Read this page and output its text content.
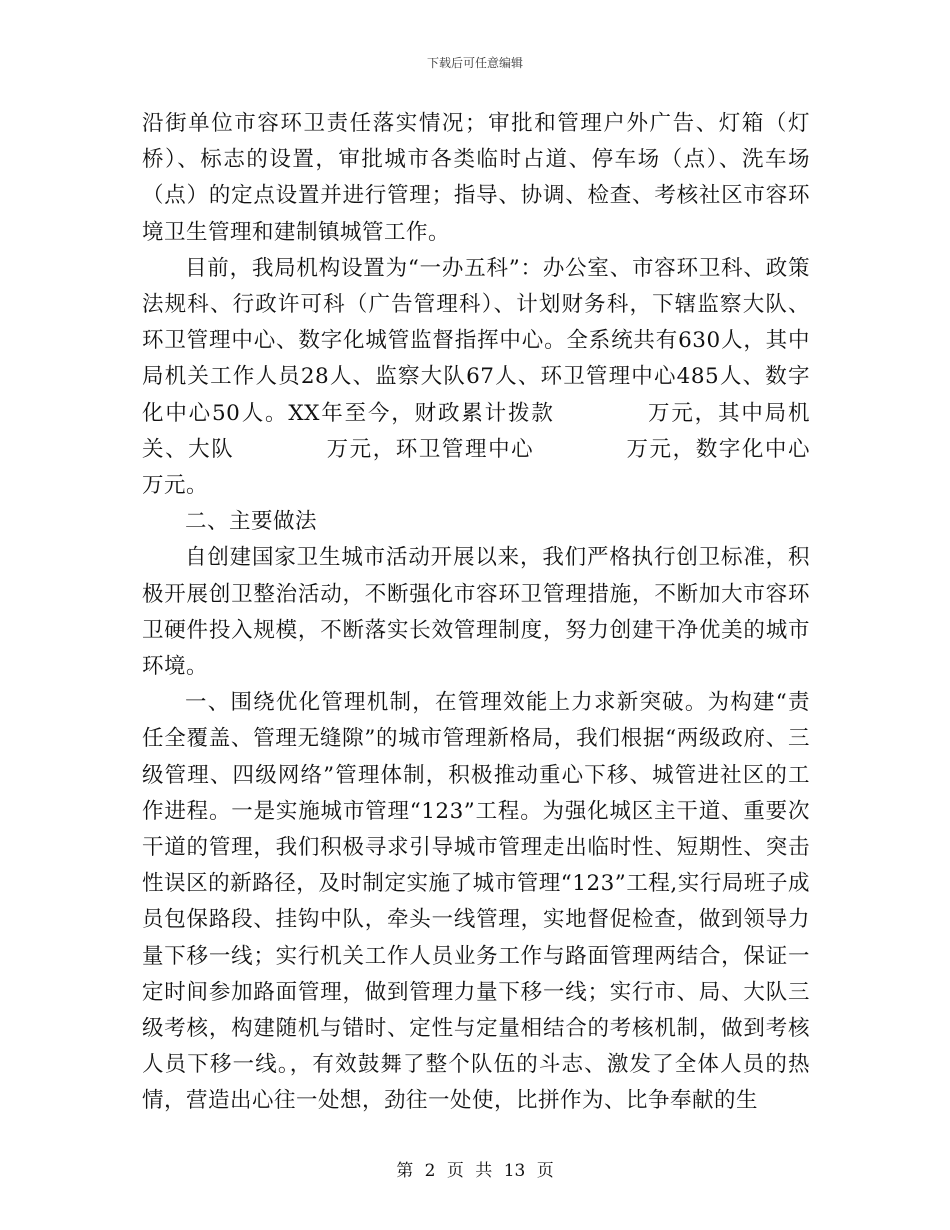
下载后可任意编辑

沿街单位市容环卫责任落实情况；审批和管理户外广告、灯箱（灯桥）、标志的设置，审批城市各类临时占道、停车场（点）、洗车场（点）的定点设置并进行管理；指导、协调、检查、考核社区市容环境卫生管理和建制镇城管工作。

目前，我局机构设置为“一办五科”：办公室、市容环卫科、政策法规科、行政许可科（广告管理科）、计划财务科，下辖监察大队、环卫管理中心、数字化城管监督指挥中心。全系统共有630人，其中局机关工作人员28人、监察大队67人、环卫管理中心485人、数字化中心50人。XX年至今，财政累计拨款　　　　万元，其中局机关、大队　　　　万元，环卫管理中心　　　　万元，数字化中心　　　　万元。

二、主要做法

自创建国家卫生城市活动开展以来，我们严格执行创卫标准，积极开展创卫整治活动，不断强化市容环卫管理措施，不断加大市容环卫硬件投入规模，不断落实长效管理制度，努力创建干净优美的城市环境。

一、围绕优化管理机制，在管理效能上力求新突破。为构建“责任全覆盖、管理无缝隙”的城市管理新格局，我们根据“两级政府、三级管理、四级网络”管理体制，积极推动重心下移、城管进社区的工作进程。一是实施城市管理“123”工程。为强化城区主干道、重要次干道的管理，我们积极寻求引导城市管理走出临时性、短期性、突击性误区的新路径，及时制定实施了城市管理“123”工程,实行局班子成员包保路段、挂钩中队，牵头一线管理，实地督促检查，做到领导力量下移一线；实行机关工作人员业务工作与路面管理两结合，保证一定时间参加路面管理，做到管理力量下移一线；实行市、局、大队三级考核，构建随机与错时、定性与定量相结合的考核机制，做到考核人员下移一线。，有效鼓舞了整个队伍的斗志、激发了全体人员的热情，营造出心往一处想，劲往一处使，比拼作为、比争奉献的生

第 2 页 共 13 页
